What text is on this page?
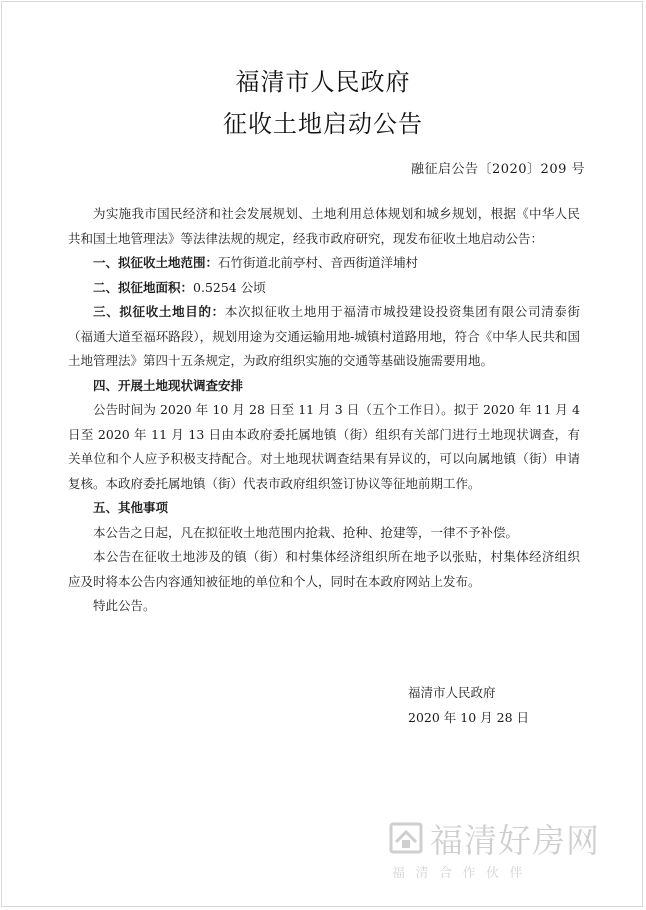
福清市人民政府
征收土地启动公告
融征启公告〔2020〕209 号

为实施我市国民经济和社会发展规划、土地利用总体规划和城乡规划，根据《中华人民共和国土地管理法》等法律法规的规定，经我市政府研究，现发布征收土地启动公告：

一、拟征收土地范围：石竹街道北前亭村、音西街道洋埔村

二、拟征地面积：0.5254 公顷

三、拟征收土地目的：本次拟征收土地用于福清市城投建设投资集团有限公司清泰街（福通大道至福环路段），规划用途为交通运输用地-城镇村道路用地，符合《中华人民共和国土地管理法》第四十五条规定，为政府组织实施的交通等基础设施需要用地。

四、开展土地现状调查安排

公告时间为 2020 年 10 月 28 日至 11 月 3 日（五个工作日）。拟于 2020 年 11 月 4 日至 2020 年 11 月 13 日由本政府委托属地镇（街）组织有关部门进行土地现状调查，有关单位和个人应予积极支持配合。对土地现状调查结果有异议的，可以向属地镇（街）申请复核。本政府委托属地镇（街）代表市政府组织签订协议等征地前期工作。

五、其他事项

本公告之日起，凡在拟征收土地范围内抢栽、抢种、抢建等，一律不予补偿。

本公告在征收土地涉及的镇（街）和村集体经济组织所在地予以张贴，村集体经济组织应及时将本公告内容通知被征地的单位和个人，同时在本政府网站上发布。

特此公告。

福清市人民政府
2020 年 10 月 28 日
福清好房网
福清合作伙伴
